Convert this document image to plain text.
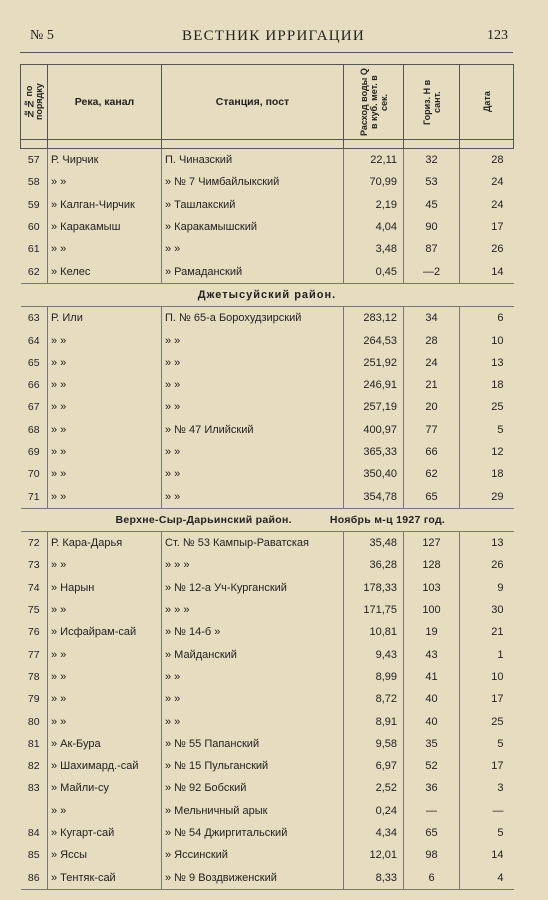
№ 5	ВЕСТНИК ИРРИГАЦИИ	123
№№ по порядку	Река, канал	Станция, пост	Расход воды Q в куб. мет. в сек.	Гориз. Н в сант.	Дата

57	Р. Чирчик	П. Чиназский	22,11	32	28
58	» »	» № 7 Чимбайлыкский	70,99	53	24
59	» Калган-Чирчик	» Ташлакский	2,19	45	24
60	» Каракамыш	» Каракамышский	4,04	90	17
61	» »	» »	3,48	87	26
62	» Келес	» Рамаданский	0,45	—2	14
Джетысуйский район.					
63	Р. Или	П. № 65-а Борохудзирский	283,12	34	6
64	» »	» »	264,53	28	10
65	» »	» »	251,92	24	13
66	» »	» »	246,91	21	18
67	» »	» »	257,19	20	25
68	» »	» № 47 Илийский	400,97	77	5
69	» »	» »	365,33	66	12
70	» »	» »	350,40	62	18
71	» »	» »	354,78	65	29
Верхне-Сыр-Дарьинский район. Ноябрь м-ц 1927 год.					
72	Р. Кара-Дарья	Ст. № 53 Кампыр-Раватская	35,48	127	13
73	» »	» » »	36,28	128	26
74	» Нарын	» № 12-а Уч-Курганский	178,33	103	9
75	» »	» » »	171,75	100	30
76	» Исфайрам-сай	» № 14-б »	10,81	19	21
77	» »	» Майданский	9,43	43	1
78	» »	» »	8,99	41	10
79	» »	» »	8,72	40	17
80	» »	» »	8,91	40	25
81	» Ак-Бура	» № 55 Папанский	9,58	35	5
82	» Шахимард.-сай	» № 15 Пульганский	6,97	52	17
83	» Майли-су	» № 92 Бобский	2,52	36	3
	» »	» Мельничный арык	0,24	—	—
84	» Кугарт-сай	» № 54 Джиргитальский	4,34	65	5
85	» Яссы	» Яссинский	12,01	98	14
86	» Тентяк-сай	» № 9 Воздвиженский	8,33	6	4
